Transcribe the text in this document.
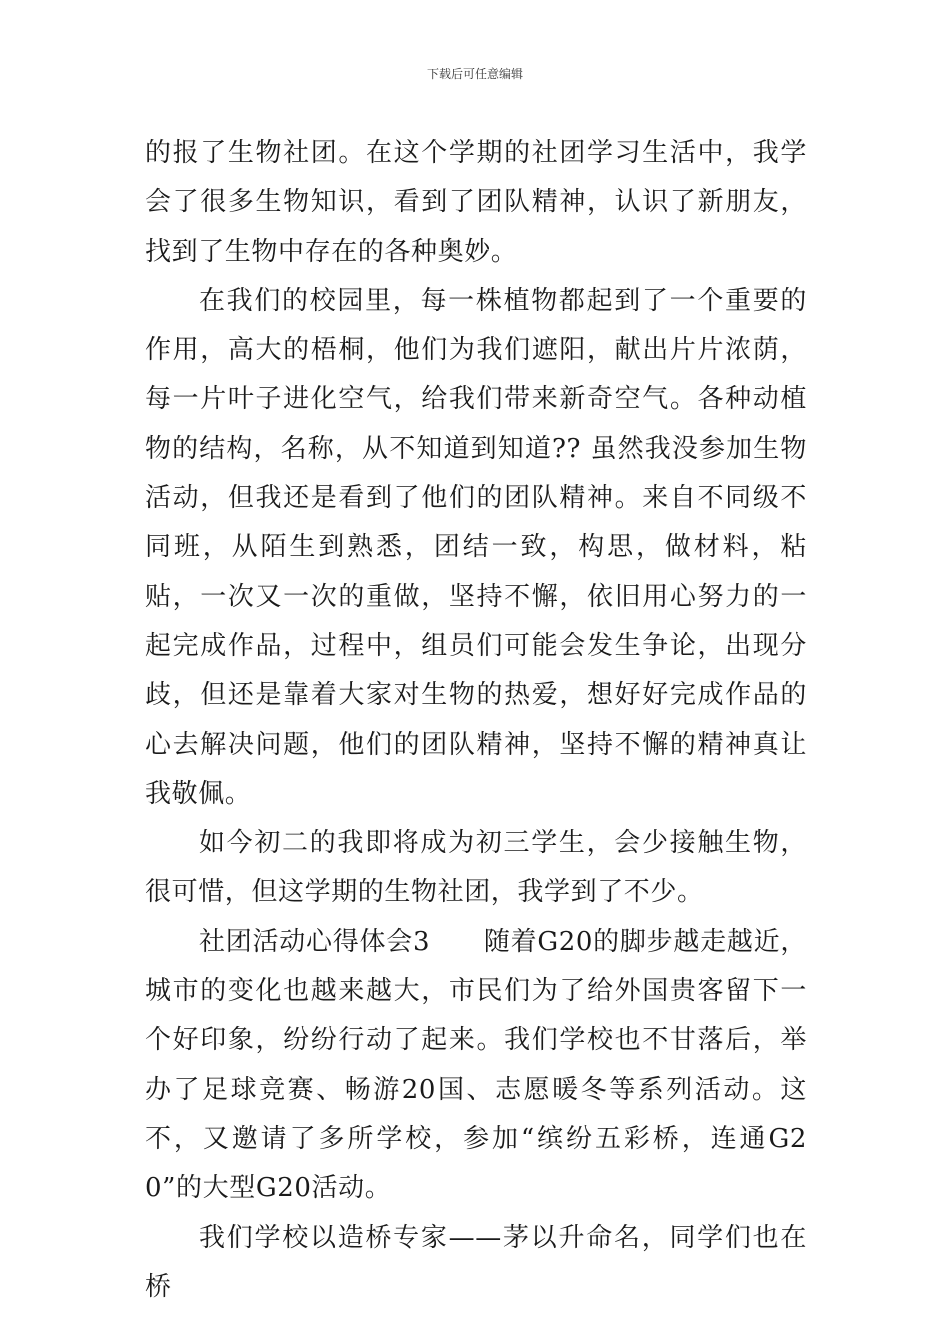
下载后可任意编辑

的报了生物社团。在这个学期的社团学习生活中，我学会了很多生物知识，看到了团队精神，认识了新朋友，找到了生物中存在的各种奥妙。

在我们的校园里，每一株植物都起到了一个重要的作用，高大的梧桐，他们为我们遮阳，献出片片浓荫，每一片叶子进化空气，给我们带来新奇空气。各种动植物的结构，名称，从不知道到知道?? 虽然我没参加生物活动，但我还是看到了他们的团队精神。来自不同级不同班，从陌生到熟悉，团结一致，构思，做材料，粘贴，一次又一次的重做，坚持不懈，依旧用心努力的一起完成作品，过程中，组员们可能会发生争论，出现分歧，但还是靠着大家对生物的热爱，想好好完成作品的心去解决问题，他们的团队精神，坚持不懈的精神真让我敬佩。

如今初二的我即将成为初三学生，会少接触生物，很可惜，但这学期的生物社团，我学到了不少。

社团活动心得体会3　　随着G20的脚步越走越近，城市的变化也越来越大，市民们为了给外国贵客留下一个好印象，纷纷行动了起来。我们学校也不甘落后，举办了足球竞赛、畅游20国、志愿暖冬等系列活动。这不，又邀请了多所学校，参加“缤纷五彩桥，连通G20”的大型G20活动。

我们学校以造桥专家——茅以升命名，同学们也在桥
